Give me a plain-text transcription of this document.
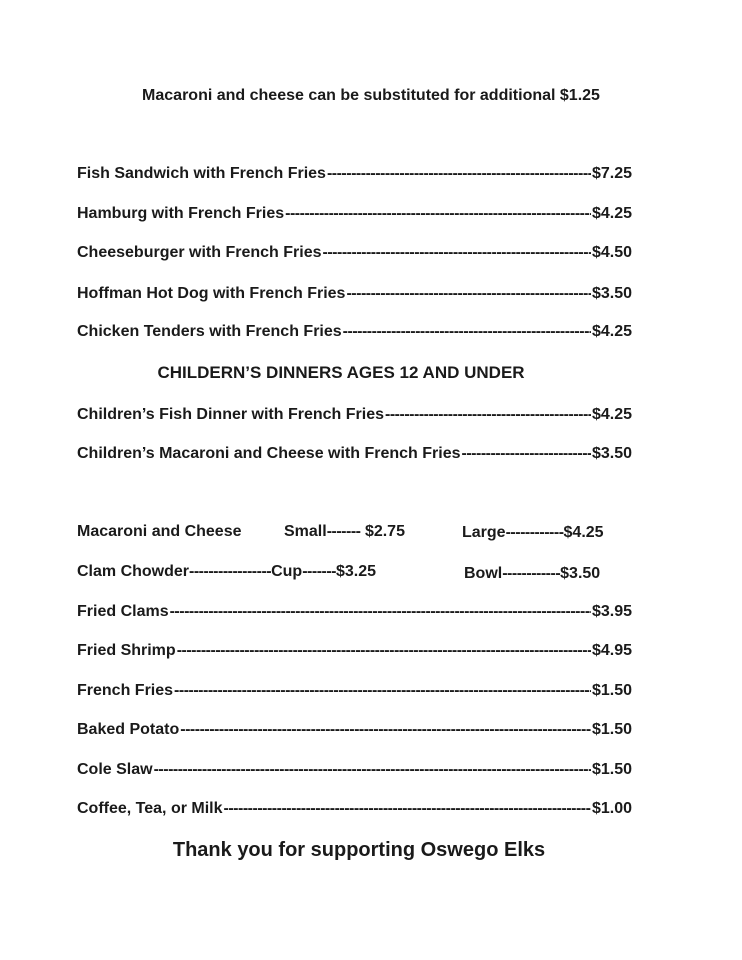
Macaroni and cheese can be substituted for additional $1.25
Fish Sandwich with French Fries -----	$7.25
Hamburg with French Fries -----	$4.25
Cheeseburger with French Fries -----	$4.50
Hoffman Hot Dog with French Fries -----	$3.50
Chicken Tenders with French Fries -----	$4.25
CHILDERN’S DINNERS AGES 12 AND UNDER
Children’s Fish Dinner with French Fries -----	$4.25
Children’s Macaroni and Cheese with French Fries -----	$3.50
Macaroni and Cheese	Small------- $2.75	Large------------$4.25
Clam Chowder-----------------Cup-------$3.25	Bowl------------$3.50
Fried Clams -----	$3.95
Fried Shrimp -----	$4.95
French Fries -----	$1.50
Baked Potato -----	$1.50
Cole Slaw -----	$1.50
Coffee, Tea, or Milk -----	$1.00
Thank you for supporting Oswego Elks
